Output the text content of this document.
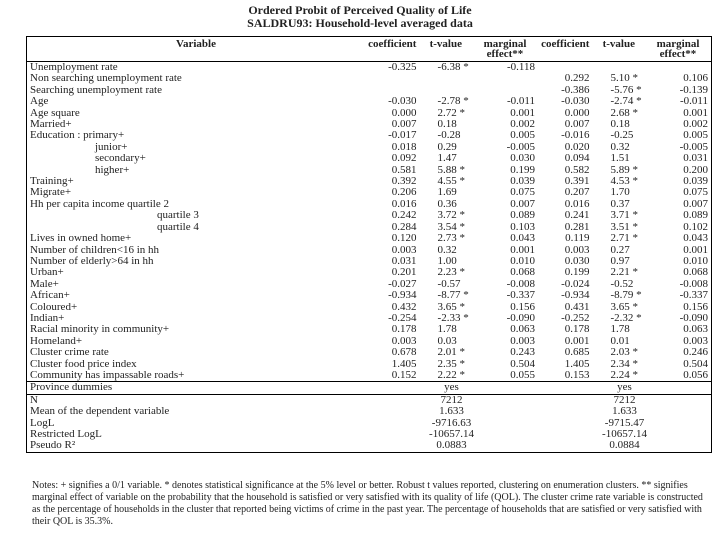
Ordered Probit of Perceived Quality of Life
SALDRU93: Household-level averaged data
Variable	coefficient	t-value	marginal effect**	coefficient	t-value	marginal effect**
Unemployment rate	-0.325	-6.38 *	-0.118			
Non searching unemployment rate				0.292	5.10 *	0.106
Searching unemployment rate				-0.386	-5.76 *	-0.139
Age	-0.030	-2.78 *	-0.011	-0.030	-2.74 *	-0.011
Age square	0.000	2.72 *	0.001	0.000	2.68 *	0.001
Married+	0.007	0.18	0.002	0.007	0.18	0.002
Education : primary+	-0.017	-0.28	0.005	-0.016	-0.25	0.005
junior+	0.018	0.29	-0.005	0.020	0.32	-0.005
secondary+	0.092	1.47	0.030	0.094	1.51	0.031
higher+	0.581	5.88 *	0.199	0.582	5.89 *	0.200
Training+	0.392	4.55 *	0.039	0.391	4.53 *	0.039
Migrate+	0.206	1.69	0.075	0.207	1.70	0.075
Hh per capita income quartile 2	0.016	0.36	0.007	0.016	0.37	0.007
quartile 3	0.242	3.72 *	0.089	0.241	3.71 *	0.089
quartile 4	0.284	3.54 *	0.103	0.281	3.51 *	0.102
Lives in owned home+	0.120	2.73 *	0.043	0.119	2.71 *	0.043
Number of children<16 in hh	0.003	0.32	0.001	0.003	0.27	0.001
Number of elderly>64 in hh	0.031	1.00	0.010	0.030	0.97	0.010
Urban+	0.201	2.23 *	0.068	0.199	2.21 *	0.068
Male+	-0.027	-0.57	-0.008	-0.024	-0.52	-0.008
African+	-0.934	-8.77 *	-0.337	-0.934	-8.79 *	-0.337
Coloured+	0.432	3.65 *	0.156	0.431	3.65 *	0.156
Indian+	-0.254	-2.33 *	-0.090	-0.252	-2.32 *	-0.090
Racial minority in community+	0.178	1.78	0.063	0.178	1.78	0.063
Homeland+	0.003	0.03	0.003	0.001	0.01	0.003
Cluster crime rate	0.678	2.01 *	0.243	0.685	2.03 *	0.246
Cluster food price index	1.405	2.35 *	0.504	1.405	2.34 *	0.504
Community has impassable roads+	0.152	2.22 *	0.055	0.153	2.24 *	0.056
Province dummies	yes			yes		
N	7212			7212		
Mean of the dependent variable	1.633			1.633		
LogL	-9716.63			-9715.47		
Restricted LogL	-10657.14			-10657.14		
Pseudo R²	0.0883			0.0884		
Notes: + signifies a 0/1 variable. * denotes statistical significance at the 5% level or better. Robust t values reported, clustering on enumeration clusters. ** signifies marginal effect of variable on the probability that the household is satisfied or very satisfied with its quality of life (QOL). The cluster crime rate variable is constructed as the percentage of households in the cluster that reported being victims of crime in the past year. The percentage of households that are satisfied or very satisfied with their QOL is 35.3%.
